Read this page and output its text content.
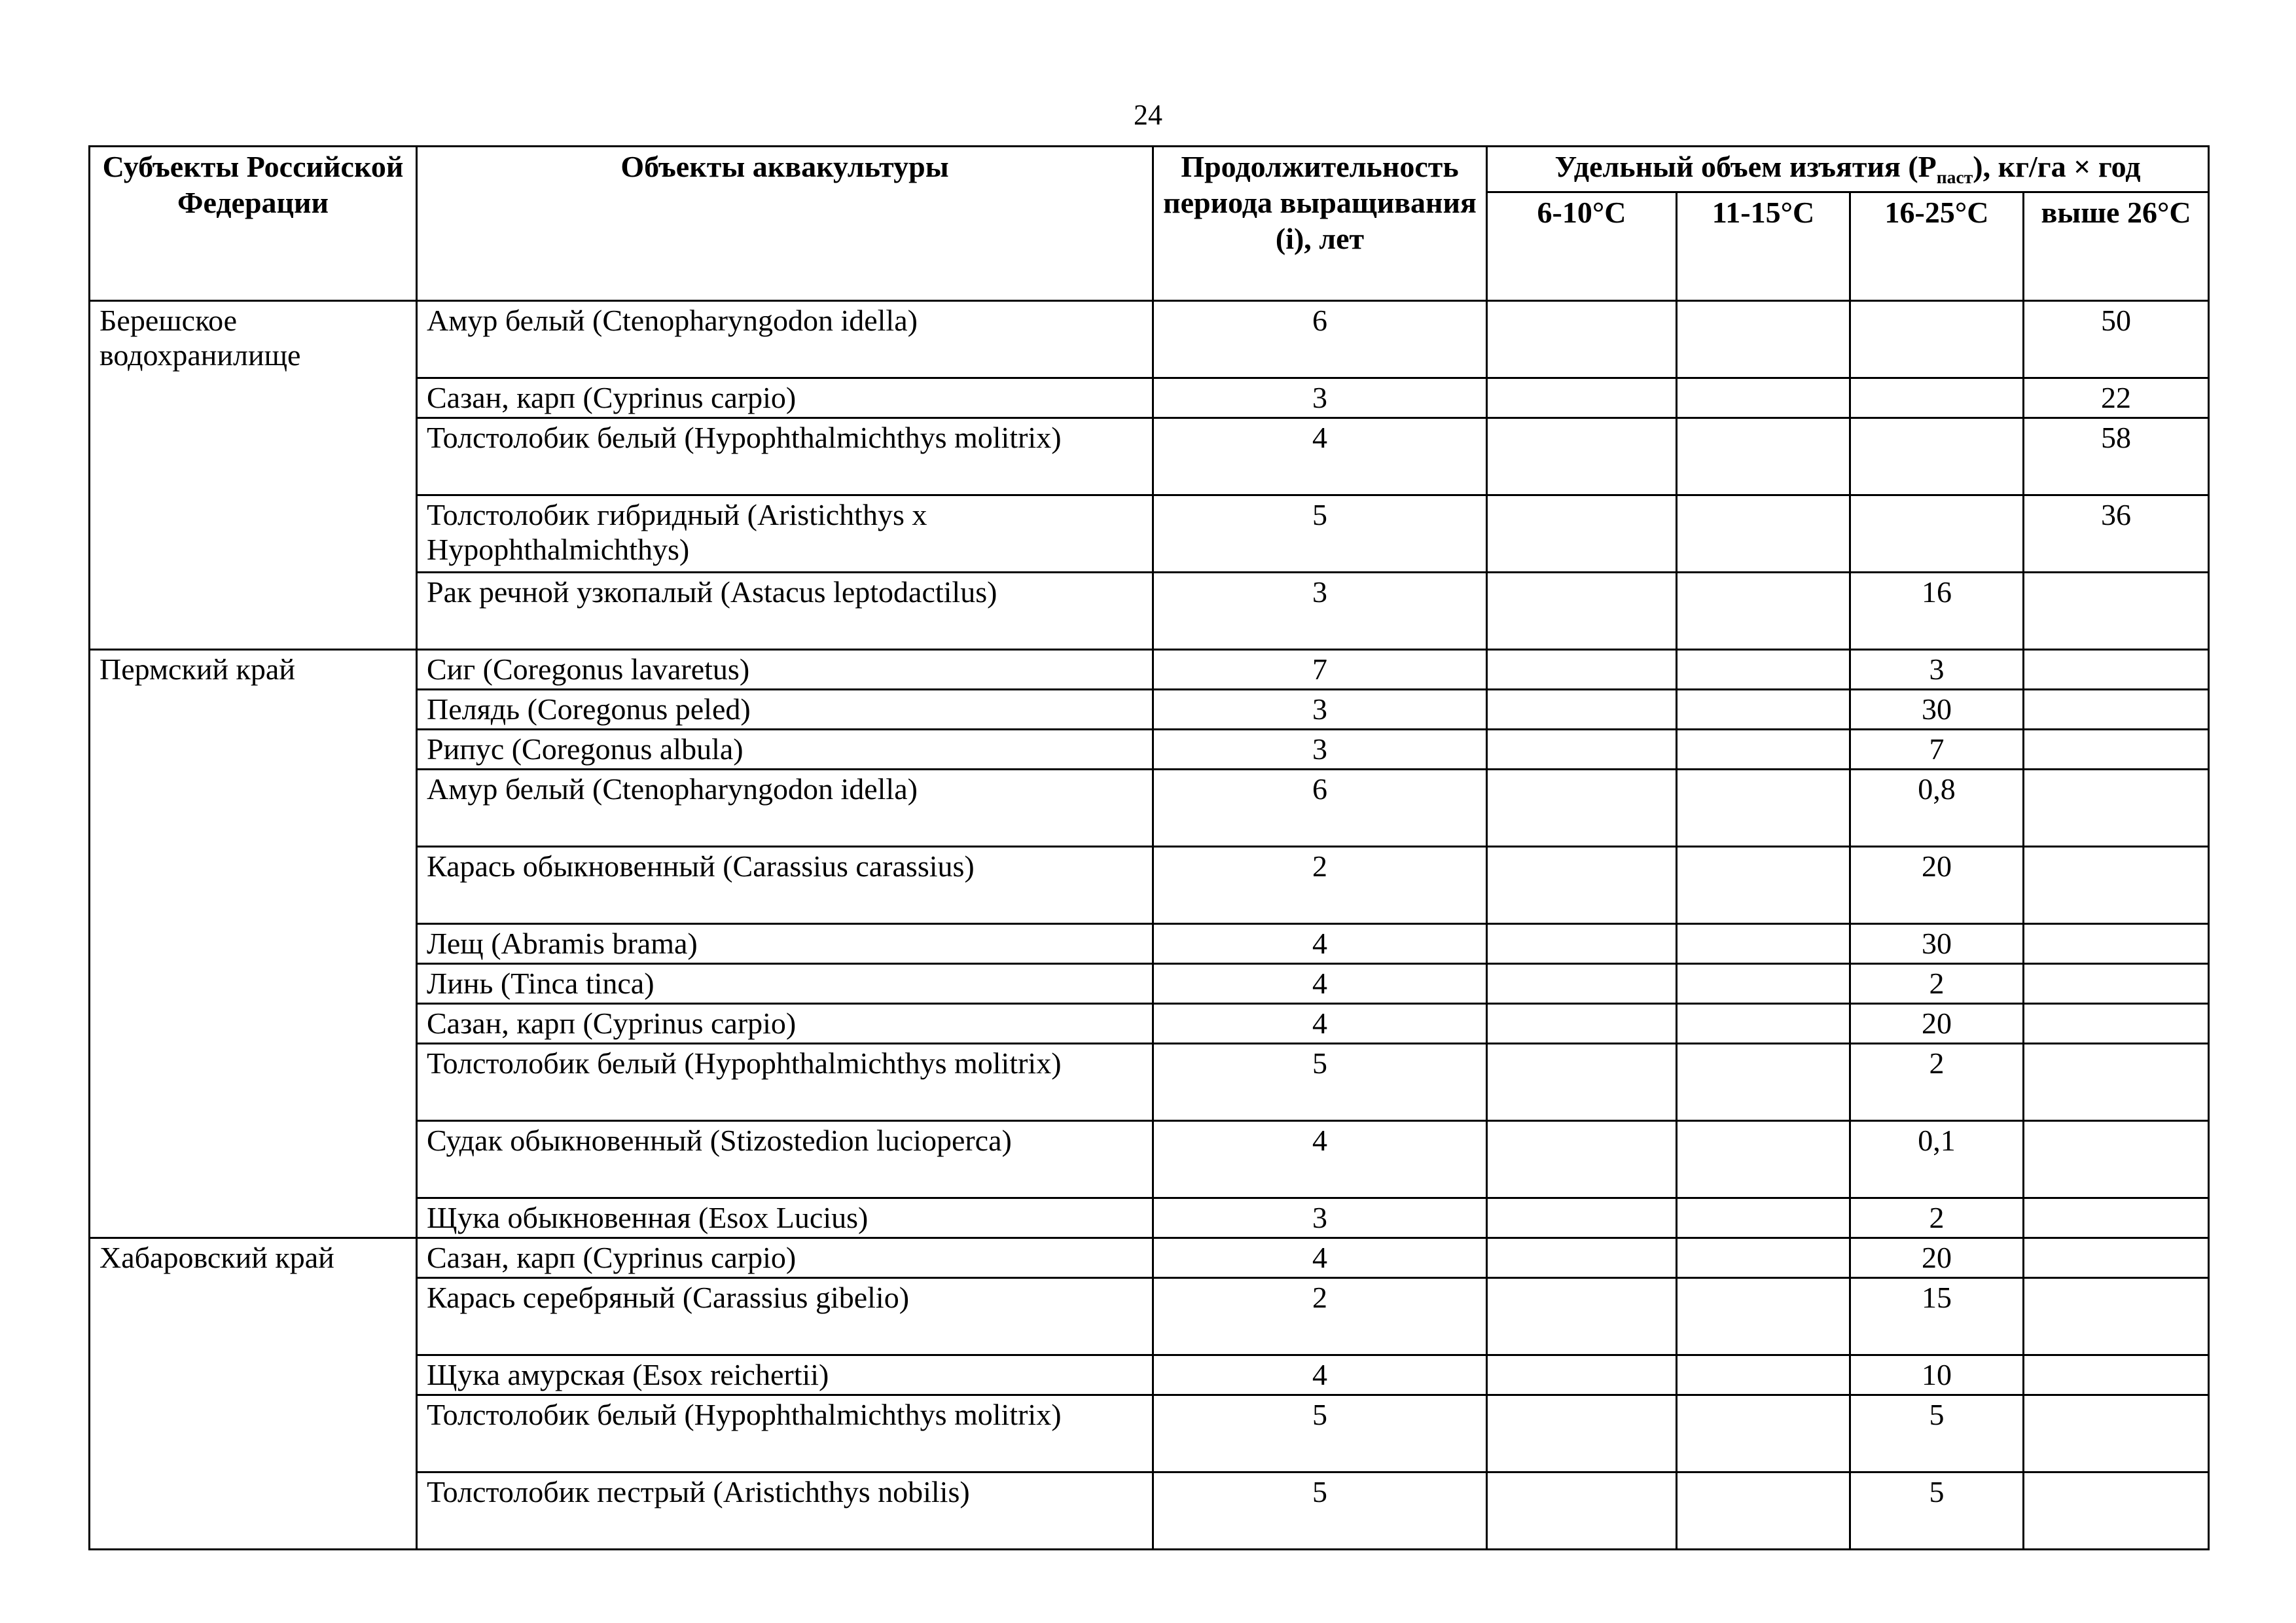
24
Субъекты Российской Федерации	Объекты аквакультуры	Продолжительность периода выращивания (i), лет	Удельный объем изъятия $(P_{паст})$, кг/га × год			
			6-10°С	11-15°С	16-25°С	выше 26°С
Берешское водохранилище	Амур белый (Ctenopharyngodon idella)	6				50
	Сазан, карп (Cyprinus carpio)	3				22
	Толстолобик белый (Hypophthalmichthys molitrix)	4				58
	Толстолобик гибридный (Aristichthys x Hypophthalmichthys)	5				36
	Рак речной узкопалый (Astacus leptodactilus)	3			16	
Пермский край	Сиг (Coregonus lavaretus)	7			3	
	Пелядь (Coregonus peled)	3			30	
	Рипус (Coregonus albula)	3			7	
	Амур белый (Ctenopharyngodon idella)	6			0,8	
	Карась обыкновенный (Carassius carassius)	2			20	
	Лещ (Abramis brama)	4			30	
	Линь (Tinca tinca)	4			2	
	Сазан, карп (Cyprinus carpio)	4			20	
	Толстолобик белый (Hypophthalmichthys molitrix)	5			2	
	Судак обыкновенный (Stizostedion lucioperca)	4			0,1	
	Щука обыкновенная (Esox Lucius)	3			2	
Хабаровский край	Сазан, карп (Cyprinus carpio)	4			20	
	Карась серебряный (Carassius gibelio)	2			15	
	Щука амурская (Esox reichertii)	4			10	
	Толстолобик белый (Hypophthalmichthys molitrix)	5			5	
	Толстолобик пестрый (Aristichthys nobilis)	5			5	
